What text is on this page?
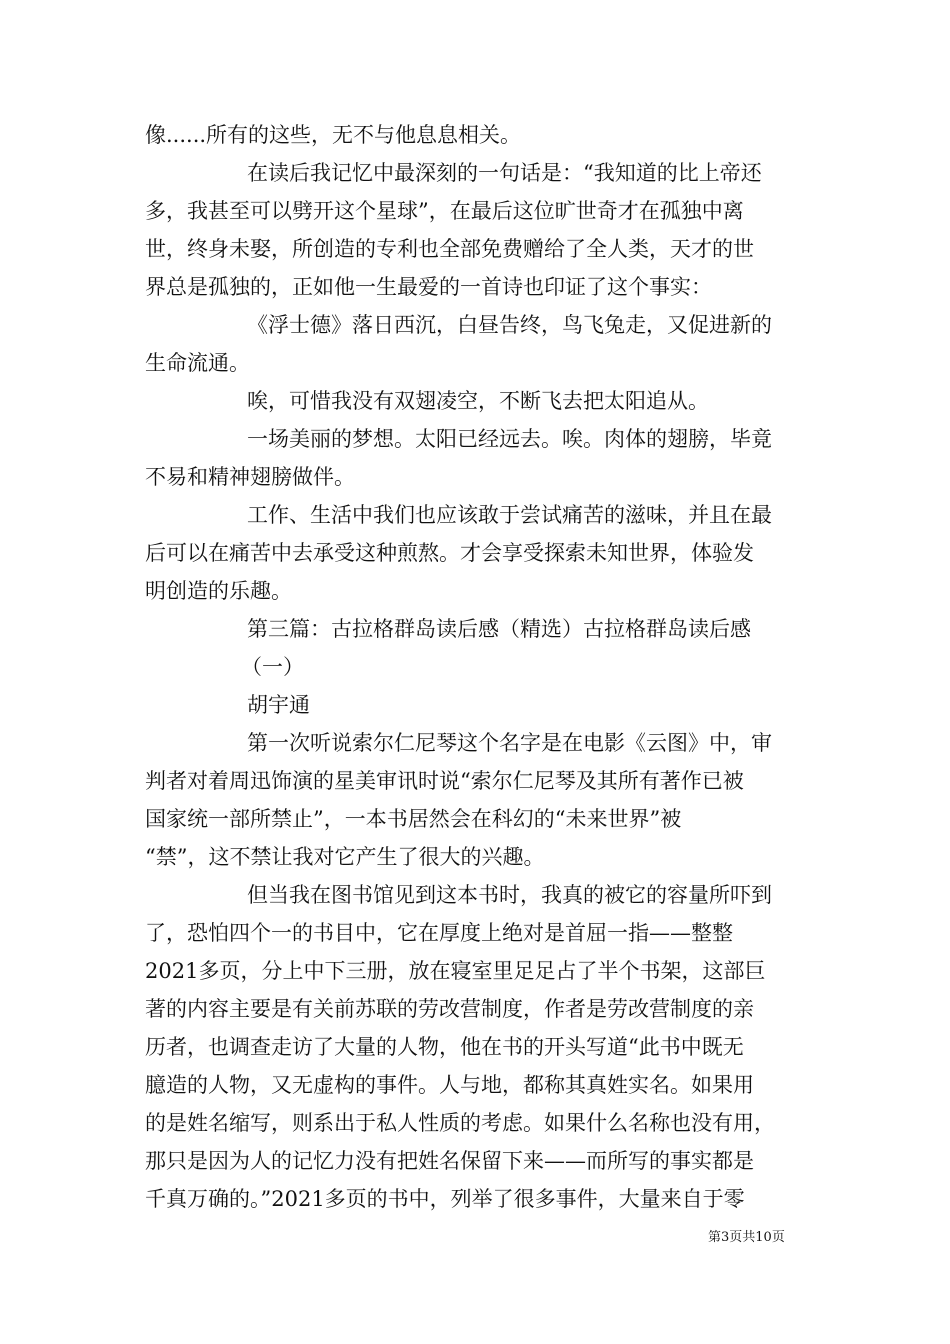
像......所有的这些，无不与他息息相关。
在读后我记忆中最深刻的一句话是：“我知道的比上帝还
多，我甚至可以劈开这个星球”，在最后这位旷世奇才在孤独中离
世，终身未娶，所创造的专利也全部免费赠给了全人类，天才的世
界总是孤独的，正如他一生最爱的一首诗也印证了这个事实：
《浮士德》落日西沉，白昼告终，鸟飞兔走，又促进新的
生命流通。
唉，可惜我没有双翅凌空，不断飞去把太阳追从。
一场美丽的梦想。太阳已经远去。唉。肉体的翅膀，毕竟
不易和精神翅膀做伴。
工作、生活中我们也应该敢于尝试痛苦的滋味，并且在最
后可以在痛苦中去承受这种煎熬。才会享受探索未知世界，体验发
明创造的乐趣。
第三篇：古拉格群岛读后感（精选）古拉格群岛读后感
（一）
胡宇通
第一次听说索尔仁尼琴这个名字是在电影《云图》中，审
判者对着周迅饰演的星美审讯时说“索尔仁尼琴及其所有著作已被
国家统一部所禁止”，一本书居然会在科幻的“未来世界”被
“禁”，这不禁让我对它产生了很大的兴趣。
但当我在图书馆见到这本书时，我真的被它的容量所吓到
了，恐怕四个一的书目中，它在厚度上绝对是首屈一指——整整
2021多页，分上中下三册，放在寝室里足足占了半个书架，这部巨
著的内容主要是有关前苏联的劳改营制度，作者是劳改营制度的亲
历者，也调查走访了大量的人物，他在书的开头写道“此书中既无
臆造的人物，又无虚构的事件。人与地，都称其真姓实名。如果用
的是姓名缩写，则系出于私人性质的考虑。如果什么名称也没有用，
那只是因为人的记忆力没有把姓名保留下来——而所写的事实都是
千真万确的。”2021多页的书中，列举了很多事件，大量来自于零
第3页共10页
